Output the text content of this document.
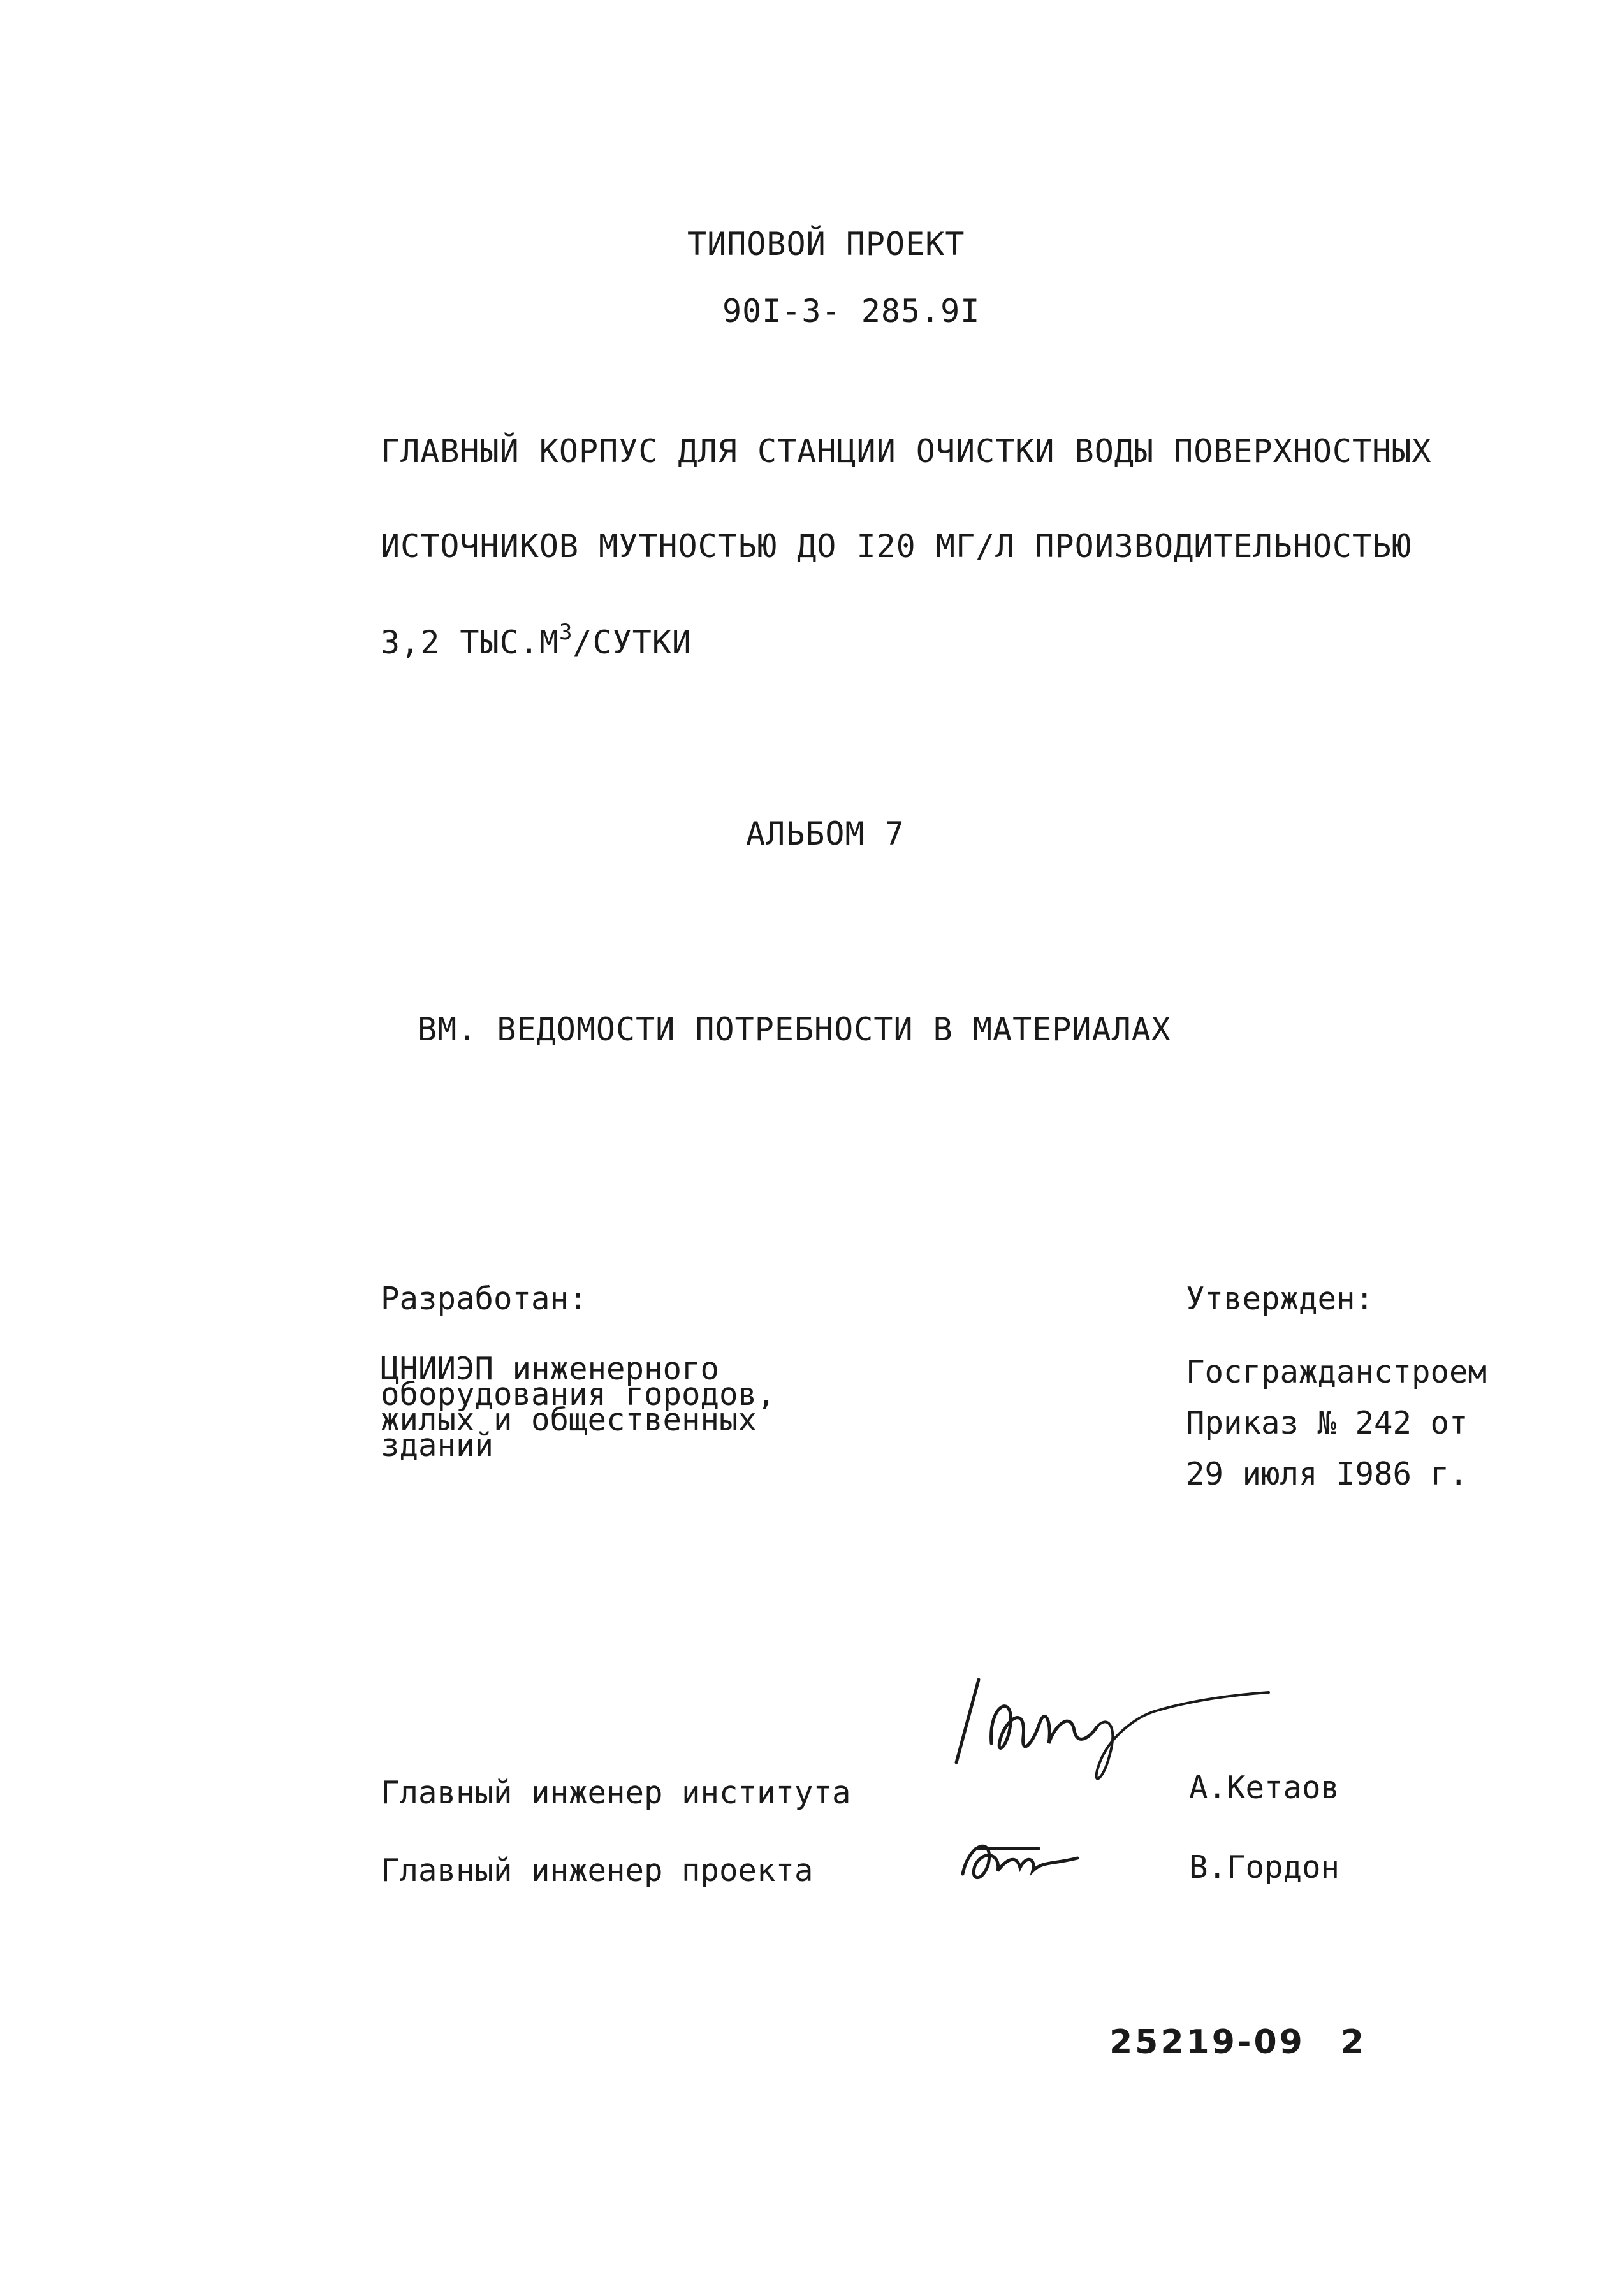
ТИПОВОЙ ПРОЕКТ

90I-3- 285.9I

ГЛАВНЫЙ КОРПУС ДЛЯ СТАНЦИИ ОЧИСТКИ ВОДЫ ПОВЕРХНОСТНЫХ

ИСТОЧНИКОВ МУТНОСТЬЮ ДО I20 МГ/Л ПРОИЗВОДИТЕЛЬНОСТЬЮ

3,2 $ТЫС.М^3$/СУТКИ

АЛЬБОМ 7

ВМ. ВЕДОМОСТИ ПОТРЕБНОСТИ В МАТЕРИАЛАХ

Разработан:

ЦНИИЭП инженерного
оборудования городов,
жилых и общественных
зданий

Утвержден:

Госгражданстроем
Приказ № 242 от
29 июля I986 г.

Главный инженер института	А.Кетаов

Главный инженер проекта	В.Гордон

25219-09 2
